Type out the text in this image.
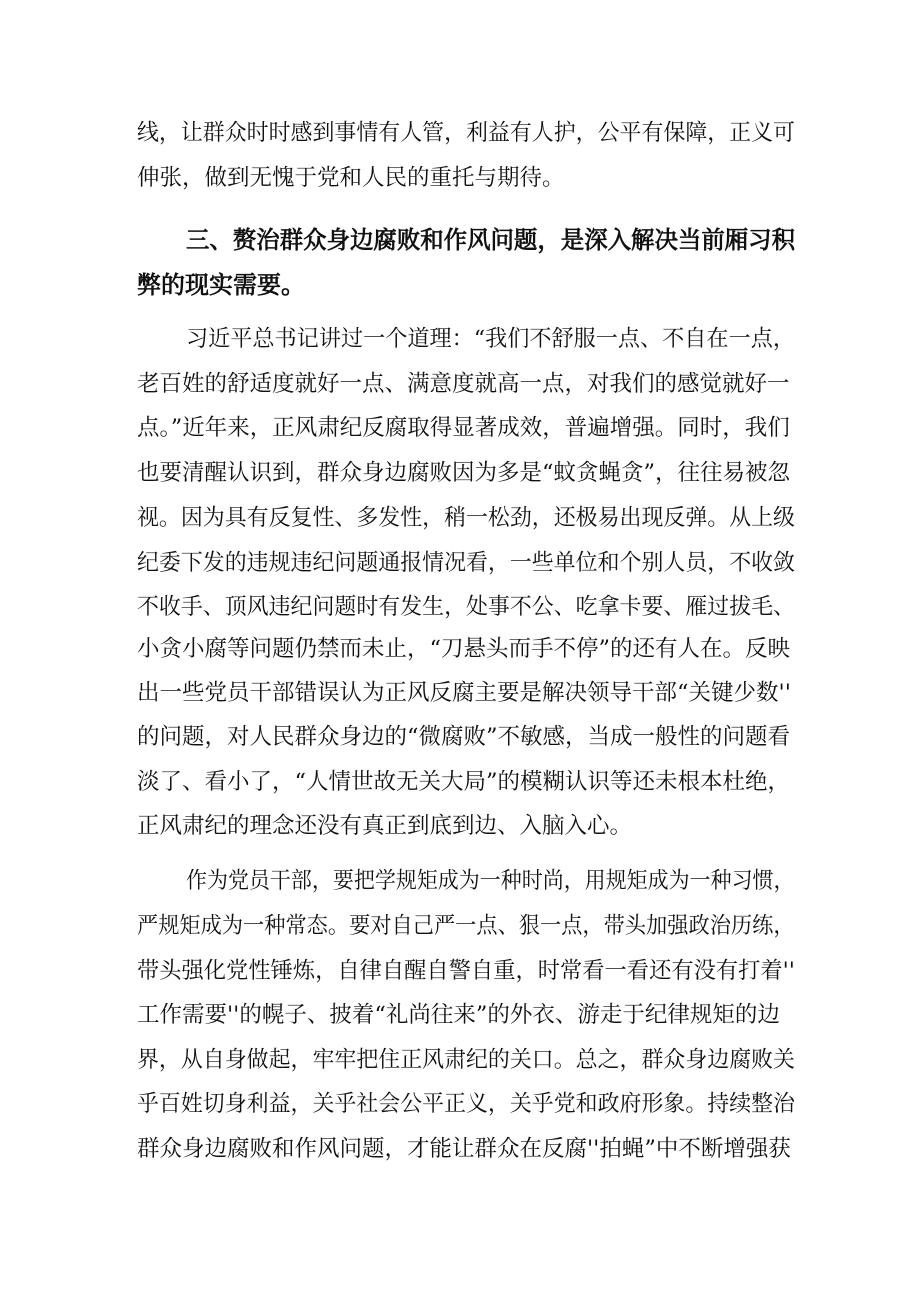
线，让群众时时感到事情有人管，利益有人护，公平有保障，正义可
伸张，做到无愧于党和人民的重托与期待。
三、赘治群众身边腐败和作风问题，是深入解决当前厢习积
弊的现实需要。
习近平总书记讲过一个道理：“我们不舒服一点、不自在一点，
老百姓的舒适度就好一点、满意度就高一点，对我们的感觉就好一
点。”近年来，正风肃纪反腐取得显著成效，普遍增强。同时，我们
也要清醒认识到，群众身边腐败因为多是“蚊贪蝇贪”，往往易被忽
视。因为具有反复性、多发性，稍一松劲，还极易出现反弹。从上级
纪委下发的违规违纪问题通报情况看，一些单位和个别人员，不收敛
不收手、顶风违纪问题时有发生，处事不公、吃拿卡要、雁过拔毛、
小贪小腐等问题仍禁而未止，“刀悬头而手不停”的还有人在。反映
出一些党员干部错误认为正风反腐主要是解决领导干部“关键少数''
的问题，对人民群众身边的“微腐败”不敏感，当成一般性的问题看
淡了、看小了，“人情世故无关大局”的模糊认识等还未根本杜绝，
正风肃纪的理念还没有真正到底到边、入脑入心。
作为党员干部，要把学规矩成为一种时尚，用规矩成为一种习惯，
严规矩成为一种常态。要对自己严一点、狠一点，带头加强政治历练，
带头强化党性锤炼，自律自醒自警自重，时常看一看还有没有打着''
工作需要''的幌子、披着“礼尚往来”的外衣、游走于纪律规矩的边
界，从自身做起，牢牢把住正风肃纪的关口。总之，群众身边腐败关
乎百姓切身利益，关乎社会公平正义，关乎党和政府形象。持续整治
群众身边腐败和作风问题，才能让群众在反腐''拍蝇”中不断增强获
